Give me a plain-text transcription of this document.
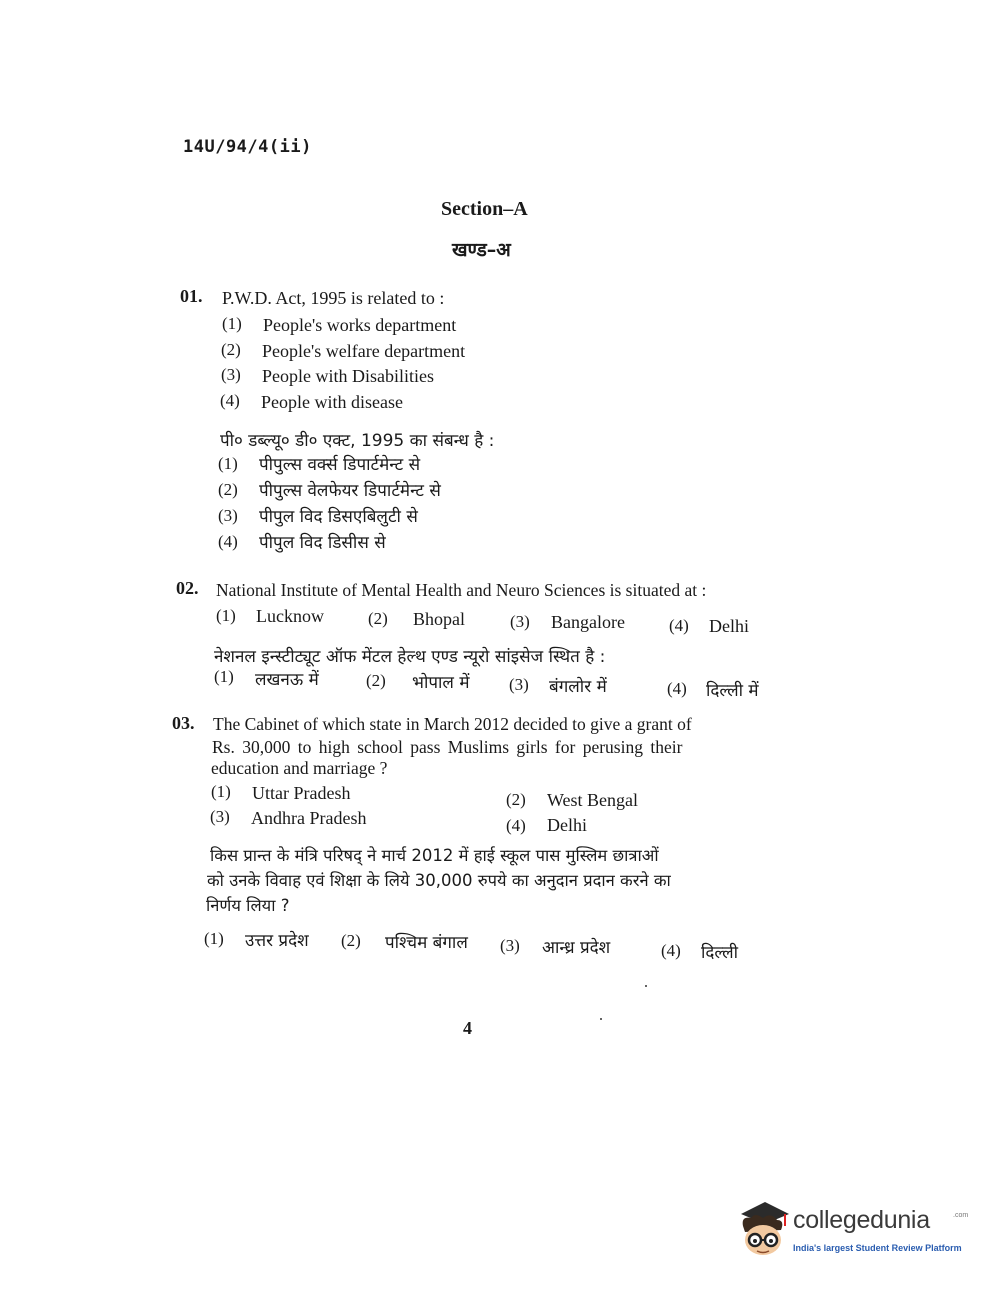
14U/94/4(ii)
Section–A
खण्ड–अ
01. P.W.D. Act, 1995 is related to :
(1) People's works department
(2) People's welfare department
(3) People with Disabilities
(4) People with disease
पी० डब्ल्यू० डी० एक्ट, 1995 का संबन्ध है :
(1) पीपुल्स वर्क्स डिपार्टमेन्ट से
(2) पीपुल्स वेलफेयर डिपार्टमेन्ट से
(3) पीपुल विद डिसएबिलुटी से
(4) पीपुल विद डिसीस से
02. National Institute of Mental Health and Neuro Sciences is situated at :
(1) Lucknow	(2) Bhopal	(3) Bangalore	(4) Delhi
नेशनल इन्स्टीट्यूट ऑफ मेंटल हेल्थ एण्ड न्यूरो सांइसेज स्थित है :
(1) लखनऊ में	(2) भोपाल में (3) बंगलोर में	(4) दिल्ली में
03. The Cabinet of which state in March 2012 decided to give a grant of
Rs. 30,000 to high school pass Muslims girls for perusing their
education and marriage ?
(1) Uttar Pradesh	(2) West Bengal
(3) Andhra Pradesh	(4) Delhi
किस प्रान्त के मंत्रि परिषद् ने मार्च 2012 में हाई स्कूल पास मुस्लिम छात्राओं
को उनके विवाह एवं शिक्षा के लिये 30,000 रुपये का अनुदान प्रदान करने का
निर्णय लिया ?
(1) उत्तर प्रदेश (2) पश्चिम बंगाल (3) आन्ध्र प्रदेश	(4) दिल्ली
4
collegedunia	.com
India's largest Student Review Platform
